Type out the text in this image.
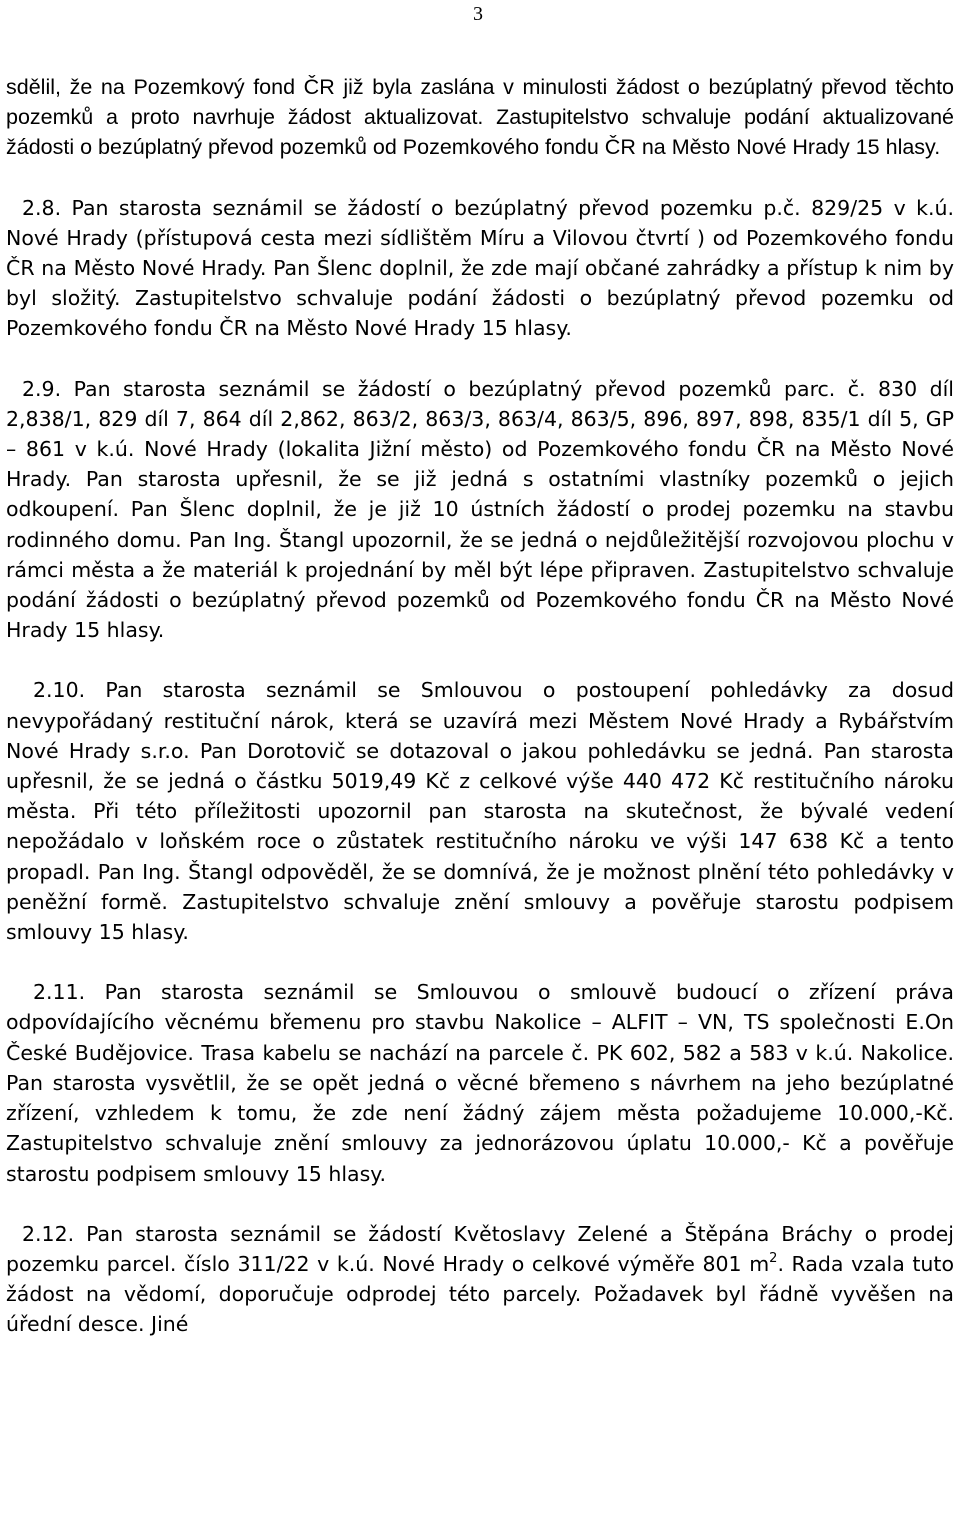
3

sdělil, že na Pozemkový fond ČR již byla zaslána v minulosti žádost o bezúplatný převod těchto pozemků a proto navrhuje žádost aktualizovat. Zastupitelstvo schvaluje podání aktualizované žádosti o bezúplatný převod pozemků od Pozemkového fondu ČR na Město Nové Hrady 15 hlasy.

2.8. Pan starosta seznámil se žádostí o bezúplatný převod pozemku p.č. 829/25 v k.ú. Nové Hrady (přístupová cesta mezi sídlištěm Míru a Vilovou čtvrtí ) od Pozemkového fondu ČR na Město Nové Hrady. Pan Šlenc doplnil, že zde mají občané zahrádky a přístup k nim by byl složitý. Zastupitelstvo schvaluje podání žádosti o bezúplatný převod pozemku od Pozemkového fondu ČR na Město Nové Hrady 15 hlasy.

2.9. Pan starosta seznámil se žádostí o bezúplatný převod pozemků parc. č. 830 díl 2,838/1, 829 díl 7, 864 díl 2,862, 863/2, 863/3, 863/4, 863/5, 896, 897, 898, 835/1 díl 5, GP – 861 v k.ú. Nové Hrady (lokalita Jižní město) od Pozemkového fondu ČR na Město Nové Hrady. Pan starosta upřesnil, že se již jedná s ostatními vlastníky pozemků o jejich odkoupení. Pan Šlenc doplnil, že je již 10 ústních žádostí o prodej pozemku na stavbu rodinného domu. Pan Ing. Štangl upozornil, že se jedná o nejdůležitější rozvojovou plochu v rámci města a že materiál k projednání by měl být lépe připraven. Zastupitelstvo schvaluje podání žádosti o bezúplatný převod pozemků od Pozemkového fondu ČR na Město Nové Hrady 15 hlasy.

2.10. Pan starosta seznámil se Smlouvou o postoupení pohledávky za dosud nevypořádaný restituční nárok, která se uzavírá mezi Městem Nové Hrady a Rybářstvím Nové Hrady s.r.o. Pan Dorotovič se dotazoval o jakou pohledávku se jedná. Pan starosta upřesnil, že se jedná o částku 5019,49 Kč z celkové výše 440 472 Kč restitučního nároku města. Při této příležitosti upozornil pan starosta na skutečnost, že bývalé vedení nepožádalo v loňském roce o zůstatek restitučního nároku ve výši 147 638 Kč a tento propadl. Pan Ing. Štangl odpověděl, že se domnívá, že je možnost plnění této pohledávky v peněžní formě. Zastupitelstvo schvaluje znění smlouvy a pověřuje starostu podpisem smlouvy 15 hlasy.

2.11. Pan starosta seznámil se Smlouvou o smlouvě budoucí o zřízení práva odpovídajícího věcnému břemenu pro stavbu Nakolice – ALFIT – VN, TS společnosti E.On České Budějovice. Trasa kabelu se nachází na parcele č. PK 602, 582 a 583 v k.ú. Nakolice. Pan starosta vysvětlil, že se opět jedná o věcné břemeno s návrhem na jeho bezúplatné zřízení, vzhledem k tomu, že zde není žádný zájem města požadujeme 10.000,-Kč. Zastupitelstvo schvaluje znění smlouvy za jednorázovou úplatu 10.000,- Kč a pověřuje starostu podpisem smlouvy 15 hlasy.

2.12. Pan starosta seznámil se žádostí Květoslavy Zelené a Štěpána Bráchy o prodej pozemku parcel. číslo 311/22 v k.ú. Nové Hrady o celkové výměře 801 $m^2$. Rada vzala tuto žádost na vědomí, doporučuje odprodej této parcely. Požadavek byl řádně vyvěšen na úřední desce. Jiné
